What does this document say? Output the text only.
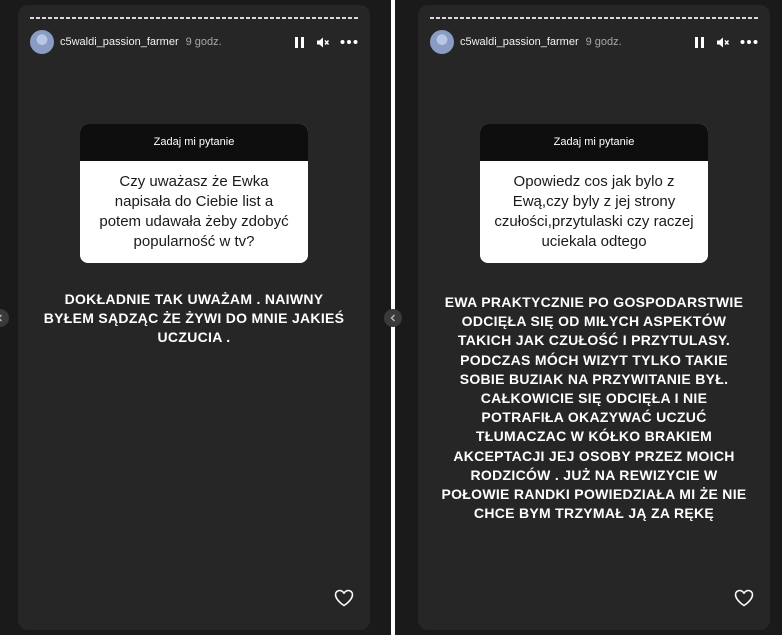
c5waldi_passion_farmer 9 godz.
Zadaj mi pytanie
Czy uważasz że Ewka napisała do Ciebie list a potem udawała żeby zdobyć popularność w tv?
DOKŁADNIE TAK UWAŻAM . NAIWNY BYŁEM SĄDZĄC ŻE ŻYWI DO MNIE JAKIEŚ UCZUCIA .
c5waldi_passion_farmer 9 godz.
Zadaj mi pytanie
Opowiedz cos jak bylo z Ewą,czy byly z jej strony czułości,przytulaski czy raczej uciekala odtego
EWA PRAKTYCZNIE PO GOSPODARSTWIE ODCIĘŁA SIĘ OD MIŁYCH ASPEKTÓW TAKICH JAK CZUŁOŚĆ I PRZYTULASY. PODCZAS MÓCH WIZYT TYLKO TAKIE SOBIE BUZIAK NA PRZYWITANIE BYŁ. CAŁKOWICIE SIĘ ODCIĘŁA I NIE POTRAFIŁA OKAZYWAĆ UCZUĆ TŁUMACZAC W KÓŁKO BRAKIEM AKCEPTACJI JEJ OSOBY PRZEZ MOICH RODZICÓW . JUŻ NA REWIZYCIE W POŁOWIE RANDKI POWIEDZIAŁA MI ŻE NIE CHCE BYM TRZYMAŁ JĄ ZA RĘKĘ
